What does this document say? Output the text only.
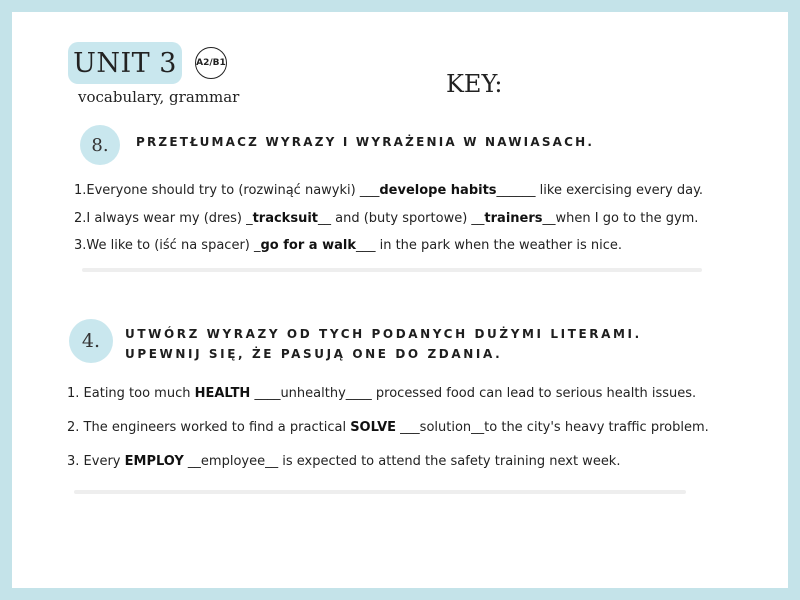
UNIT 3	A2/B1
vocabulary, grammar	KEY:
8.	PRZETŁUMACZ WYRAZY I WYRAŻENIA W NAWIASACH.
1.Everyone should try to (rozwinąć nawyki) ___develope habits______ like exercising every day.
2.I always wear my (dres) _tracksuit__ and (buty sportowe) __trainers__when I go to the gym.
3.We like to (iść na spacer) _go for a walk___ in the park when the weather is nice.
4.	UTWÓRZ WYRAZY OD TYCH PODANYCH DUŻYMI LITERAMI. UPEWNIJ SIĘ, ŻE PASUJĄ ONE DO ZDANIA.
1. Eating too much HEALTH ____unhealthy____ processed food can lead to serious health issues.
2. The engineers worked to find a practical SOLVE ___solution__to the city's heavy traffic problem.
3. Every EMPLOY __employee__ is expected to attend the safety training next week.
